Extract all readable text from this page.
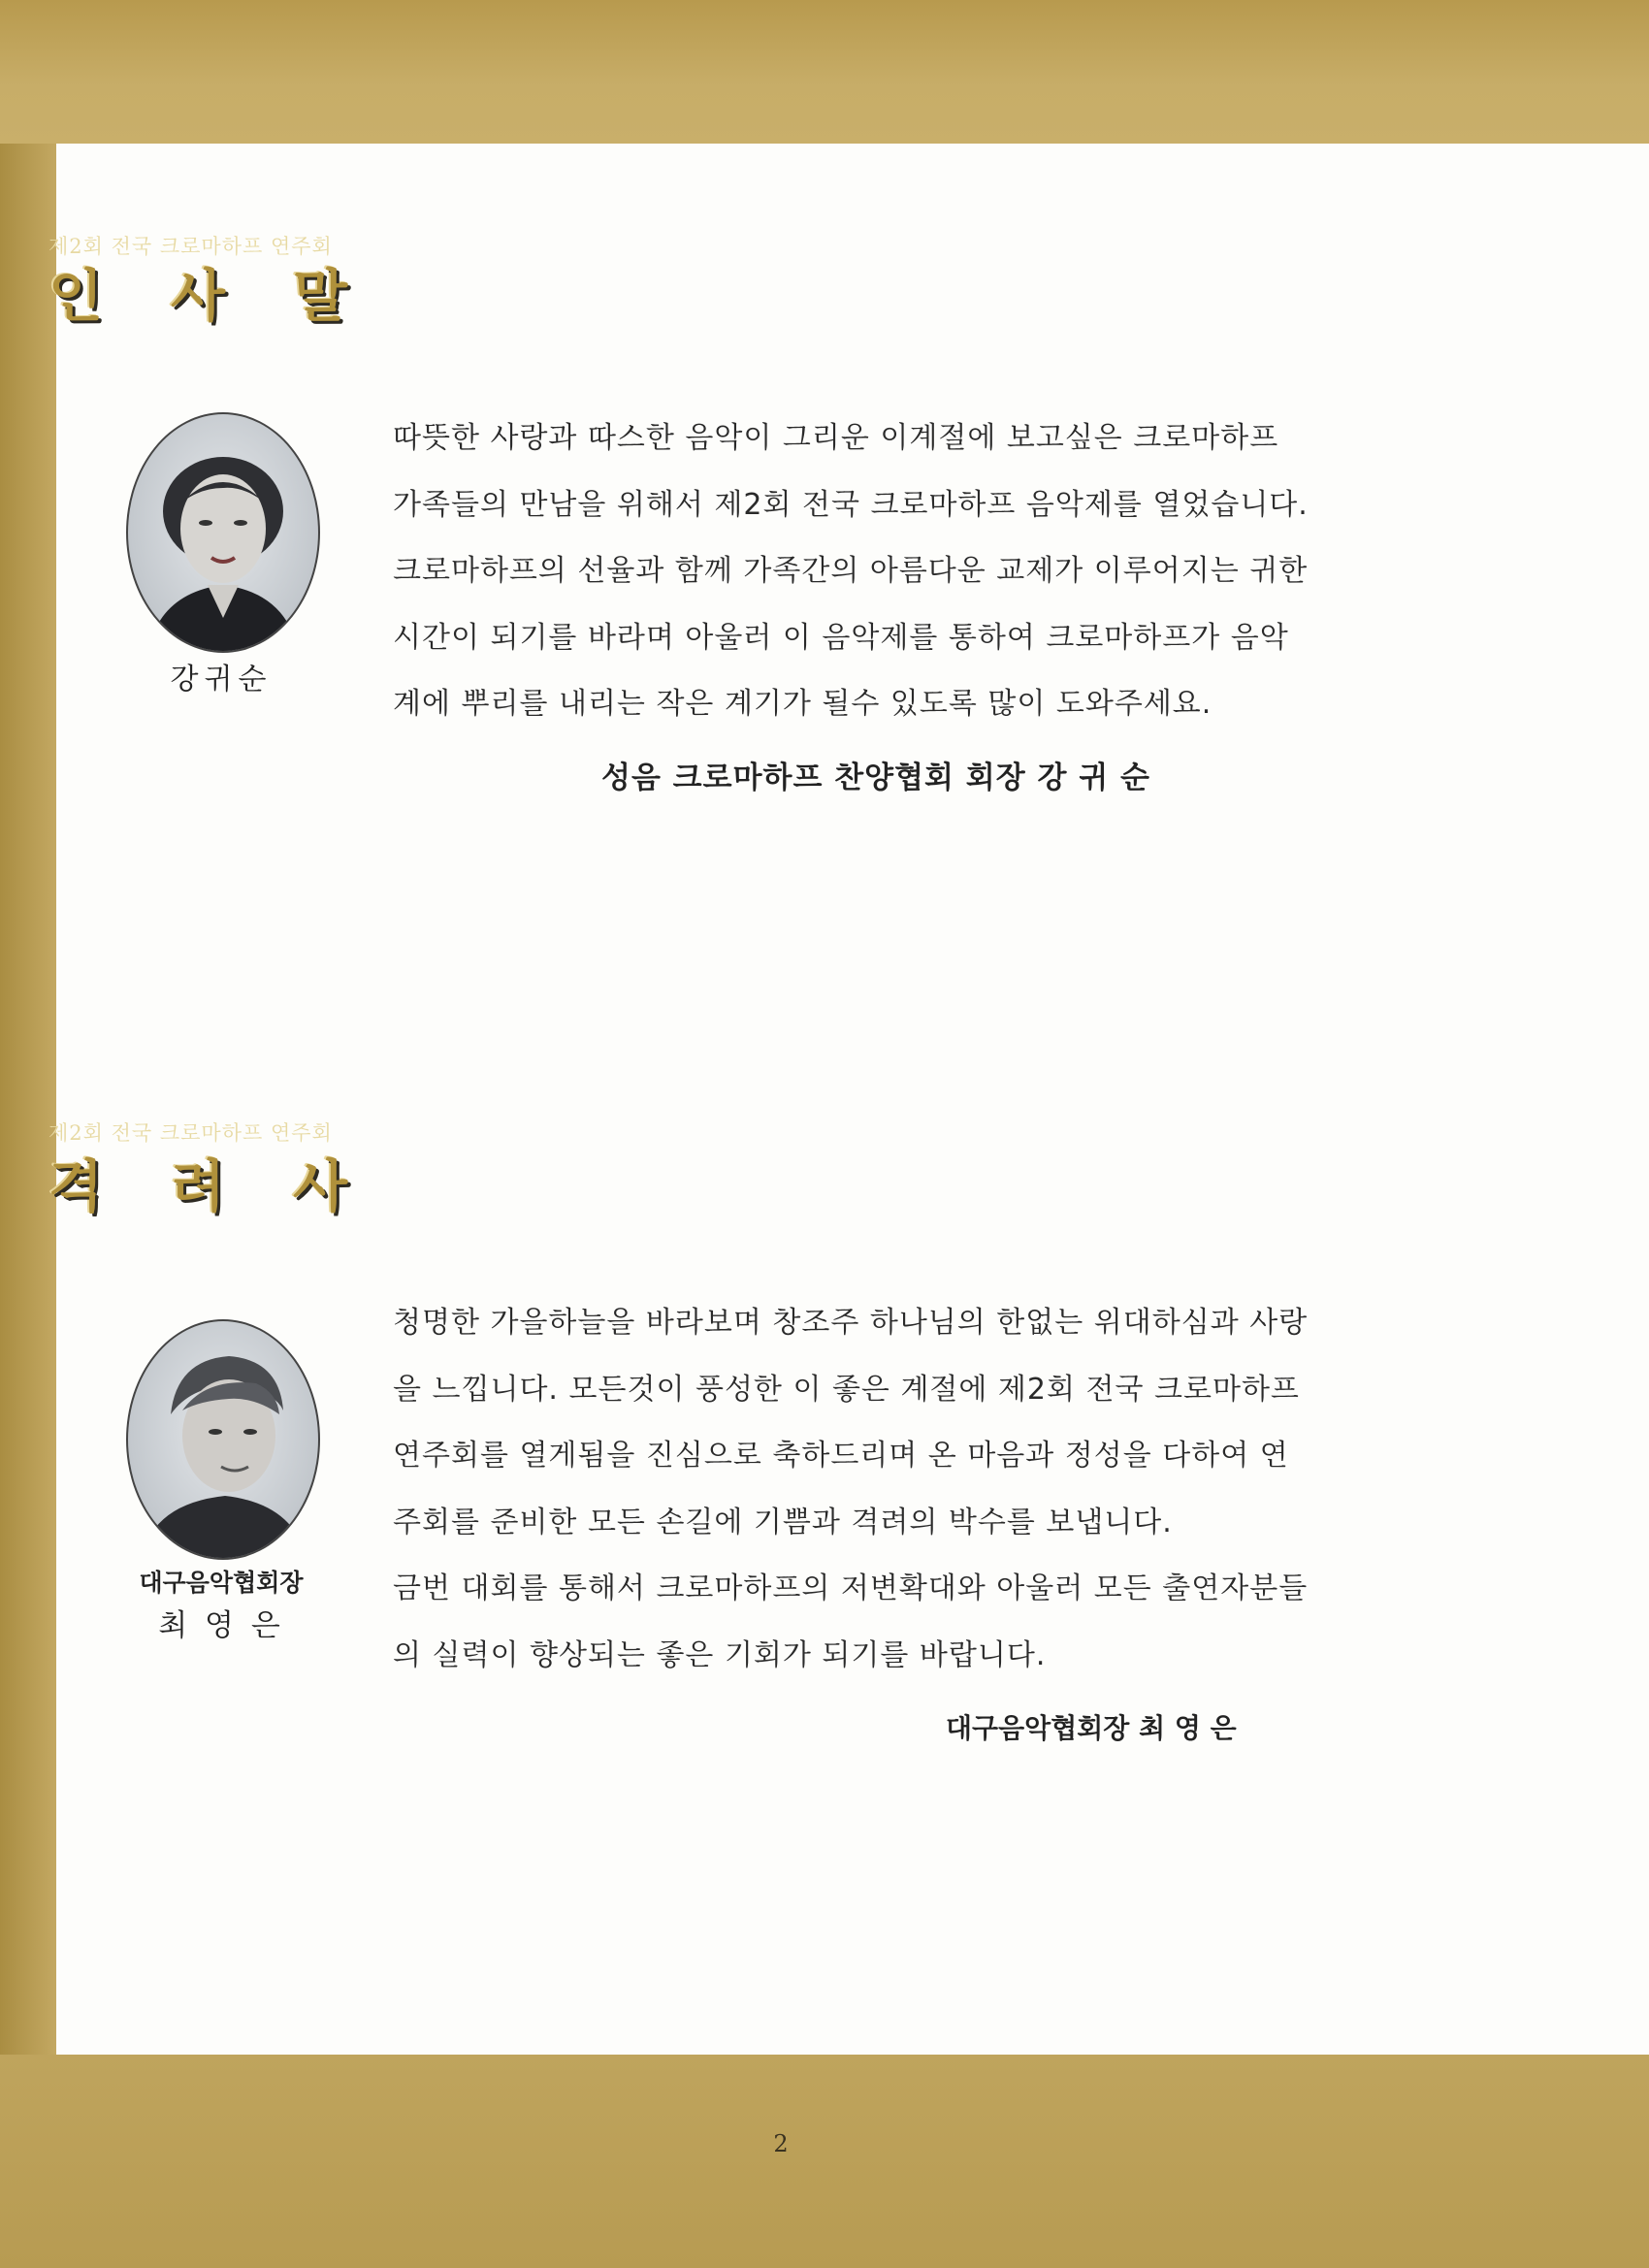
제2회 전국 크로마하프 연주회
인 사 말
강귀순
따뜻한 사랑과 따스한 음악이 그리운 이계절에 보고싶은 크로마하프
가족들의 만남을 위해서 제2회 전국 크로마하프 음악제를 열었습니다.
크로마하프의 선율과 함께 가족간의 아름다운 교제가 이루어지는 귀한
시간이 되기를 바라며 아울러 이 음악제를 통하여 크로마하프가 음악
계에 뿌리를 내리는 작은 계기가 될수 있도록 많이 도와주세요.
성음 크로마하프 찬양협회 회장 강 귀 순
제2회 전국 크로마하프 연주회
격 려 사
대구음악협회장
최 영 은
청명한 가을하늘을 바라보며 창조주 하나님의 한없는 위대하심과 사랑
을 느낍니다. 모든것이 풍성한 이 좋은 계절에 제2회 전국 크로마하프
연주회를 열게됨을 진심으로 축하드리며 온 마음과 정성을 다하여 연
주회를 준비한 모든 손길에 기쁨과 격려의 박수를 보냅니다.
금번 대회를 통해서 크로마하프의 저변확대와 아울러 모든 출연자분들
의 실력이 향상되는 좋은 기회가 되기를 바랍니다.
대구음악협회장 최 영 은
2
